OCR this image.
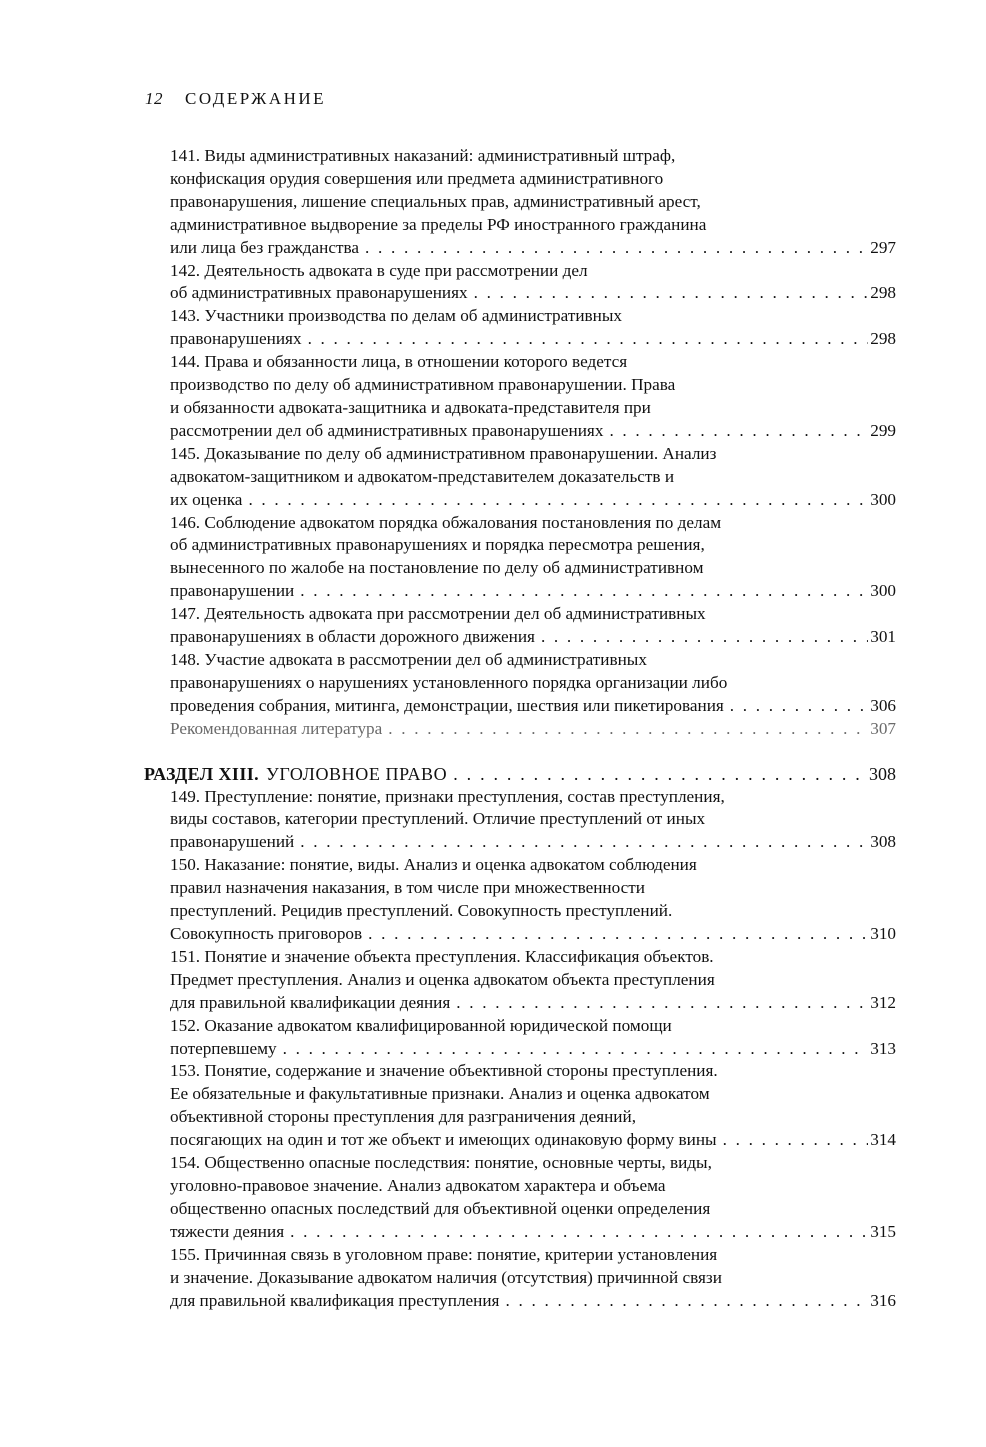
12 СОДЕРЖАНИЕ
141. Виды административных наказаний: административный штраф,
конфискация орудия совершения или предмета административного
правонарушения, лишение специальных прав, административный арест,
административное выдворение за пределы РФ иностранного гражданина
или лица без гражданства . . .	297
142. Деятельность адвоката в суде при рассмотрении дел
об административных правонарушениях . . .	298
143. Участники производства по делам об административных
правонарушениях . . .	298
144. Права и обязанности лица, в отношении которого ведется
производство по делу об административном правонарушении. Права
и обязанности адвоката-защитника и адвоката-представителя при
рассмотрении дел об административных правонарушениях . . .	299
145. Доказывание по делу об административном правонарушении. Анализ
адвокатом-защитником и адвокатом-представителем доказательств и
их оценка . . .	300
146. Соблюдение адвокатом порядка обжалования постановления по делам
об административных правонарушениях и порядка пересмотра решения,
вынесенного по жалобе на постановление по делу об административном
правонарушении . . .	300
147. Деятельность адвоката при рассмотрении дел об административных
правонарушениях в области дорожного движения . . .	301
148. Участие адвоката в рассмотрении дел об административных
правонарушениях о нарушениях установленного порядка организации либо
проведения собрания, митинга, демонстрации, шествия или пикетирования . . .	306
Рекомендованная литература . . .	307
РАЗДЕЛ XIII. УГОЛОВНОЕ ПРАВО . . .	308
149. Преступление: понятие, признаки преступления, состав преступления,
виды составов, категории преступлений. Отличие преступлений от иных
правонарушений . . .	308
150. Наказание: понятие, виды. Анализ и оценка адвокатом соблюдения
правил назначения наказания, в том числе при множественности
преступлений. Рецидив преступлений. Совокупность преступлений.
Совокупность приговоров . . .	310
151. Понятие и значение объекта преступления. Классификация объектов.
Предмет преступления. Анализ и оценка адвокатом объекта преступления
для правильной квалификации деяния . . .	312
152. Оказание адвокатом квалифицированной юридической помощи
потерпевшему . . .	313
153. Понятие, содержание и значение объективной стороны преступления.
Ее обязательные и факультативные признаки. Анализ и оценка адвокатом
объективной стороны преступления для разграничения деяний,
посягающих на один и тот же объект и имеющих одинаковую форму вины . . .	314
154. Общественно опасные последствия: понятие, основные черты, виды,
уголовно-правовое значение. Анализ адвокатом характера и объема
общественно опасных последствий для объективной оценки определения
тяжести деяния . . .	315
155. Причинная связь в уголовном праве: понятие, критерии установления
и значение. Доказывание адвокатом наличия (отсутствия) причинной связи
для правильной квалификация преступления . . .	316
